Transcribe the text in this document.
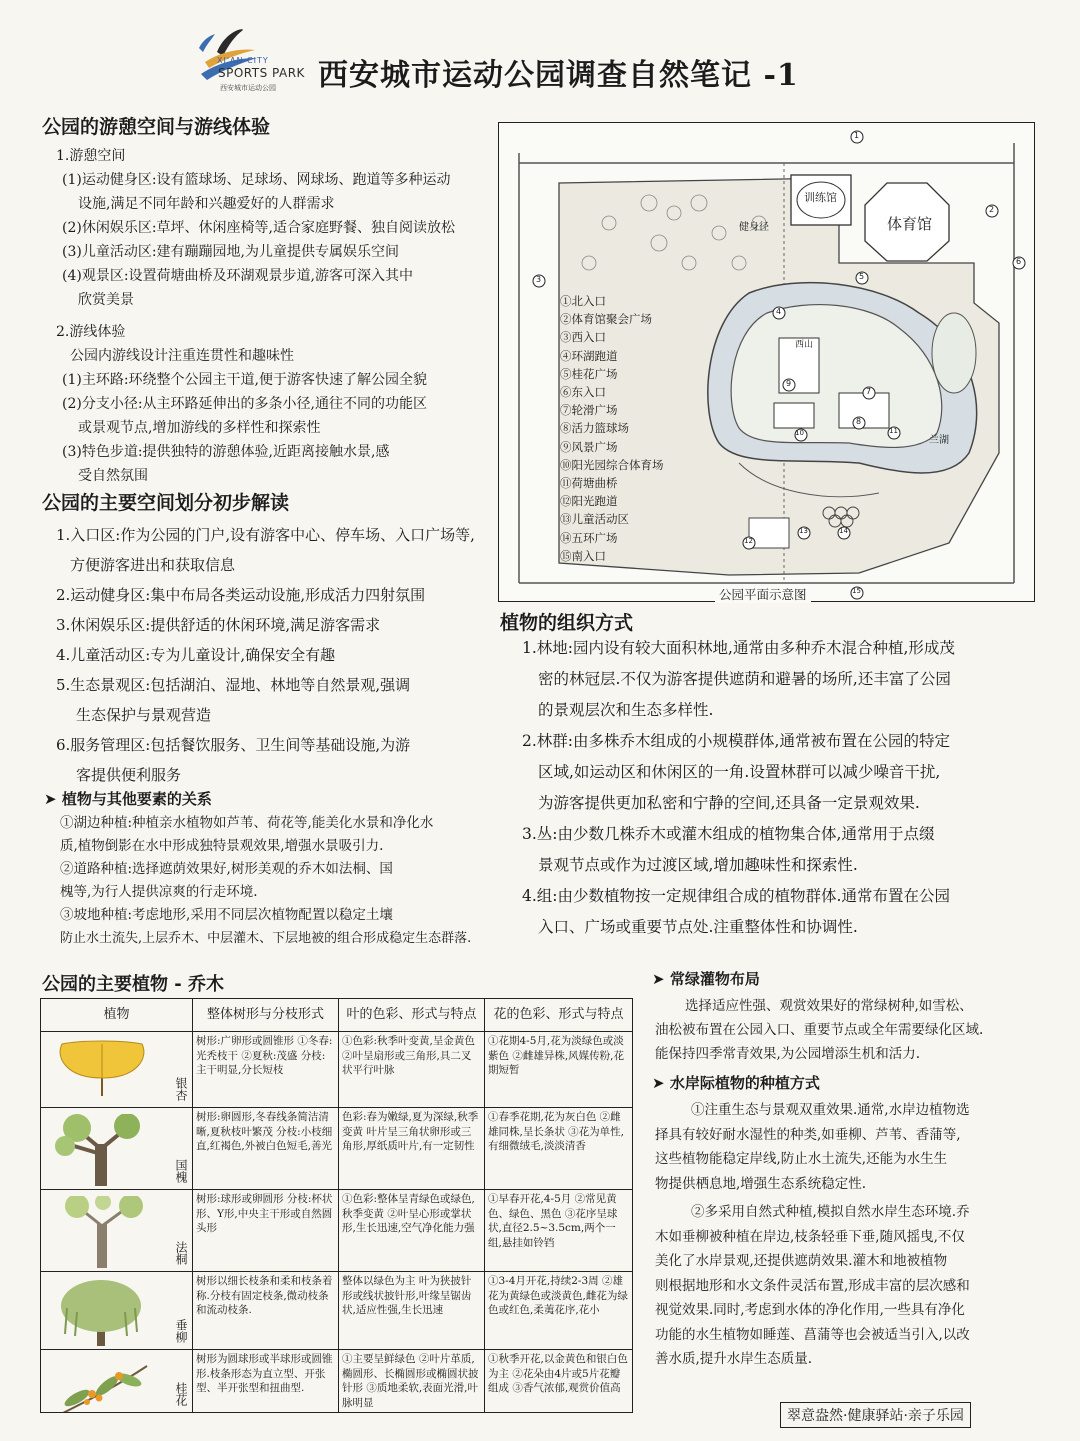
XI'AN CITY
SPORTS PARK
西安城市运动公园 西安城市运动公园调查自然笔记 -1
公园的游憩空间与游线体验
1.游憩空间
(1)运动健身区:设有篮球场、足球场、网球场、跑道等多种运动
设施,满足不同年龄和兴趣爱好的人群需求
(2)休闲娱乐区:草坪、休闲座椅等,适合家庭野餐、独自阅读放松
(3)儿童活动区:建有蹦蹦园地,为儿童提供专属娱乐空间
(4)观景区:设置荷塘曲桥及环湖观景步道,游客可深入其中
欣赏美景
2.游线体验
公园内游线设计注重连贯性和趣味性
(1)主环路:环绕整个公园主干道,便于游客快速了解公园全貌
(2)分支小径:从主环路延伸出的多条小径,通往不同的功能区
或景观节点,增加游线的多样性和探索性
(3)特色步道:提供独特的游憩体验,近距离接触水景,感
受自然氛围
公园的主要空间划分初步解读
1.入口区:作为公园的门户,设有游客中心、停车场、入口广场等,
方便游客进出和获取信息
2.运动健身区:集中布局各类运动设施,形成活力四射氛围
3.休闲娱乐区:提供舒适的休闲环境,满足游客需求
4.儿童活动区:专为儿童设计,确保安全有趣
5.生态景观区:包括湖泊、湿地、林地等自然景观,强调
生态保护与景观营造
6.服务管理区:包括餐饮服务、卫生间等基础设施,为游
客提供便利服务
➤ 植物与其他要素的关系
①湖边种植:种植亲水植物如芦苇、荷花等,能美化水景和净化水
质,植物倒影在水中形成独特景观效果,增强水景吸引力.
②道路种植:选择遮荫效果好,树形美观的乔木如法桐、国
槐等,为行人提供凉爽的行走环境.
③坡地种植:考虑地形,采用不同层次植物配置以稳定土壤
防止水土流失,上层乔木、中层灌木、下层地被的组合形成稳定生态群落.
训练馆
体育馆
健身径
西山
兰湖
1
2
3
4
5
6
7
8
9
10	11
12
13	14
15
①北入口
②体育馆聚会广场
③西入口
④环湖跑道
⑤桂花广场
⑥东入口
⑦轮滑广场
⑧活力篮球场
⑨风景广场
⑩阳光园综合体育场
⑪荷塘曲桥
⑫阳光跑道
⑬儿童活动区
⑭五环广场
⑮南入口
公园平面示意图
植物的组织方式
1.林地:园内设有较大面积林地,通常由多种乔木混合种植,形成茂
密的林冠层.不仅为游客提供遮荫和避暑的场所,还丰富了公园
的景观层次和生态多样性.
2.林群:由多株乔木组成的小规模群体,通常被布置在公园的特定
区域,如运动区和休闲区的一角.设置林群可以减少噪音干扰,
为游客提供更加私密和宁静的空间,还具备一定景观效果.
3.丛:由少数几株乔木或灌木组成的植物集合体,通常用于点缀
景观节点或作为过渡区域,增加趣味性和探索性.
4.组:由少数植物按一定规律组合成的植物群体.通常布置在公园
入口、广场或重要节点处.注重整体性和协调性.
公园的主要植物 - 乔木
植物	整体树形与分枝形式	叶的色彩、形式与特点	花的色彩、形式与特点

银杏	树形:广卵形或圆锥形 ①冬春:光秃枝干 ②夏秋:茂盛 分枝:主干明显,分长短枝	①色彩:秋季叶变黄,呈金黄色 ②叶呈扇形或三角形,具二叉状平行叶脉	①花期4-5月,花为淡绿色或淡紫色 ②雌雄异株,风媒传粉,花期短暂

国槐	树形:卵圆形,冬春线条简洁清晰,夏秋枝叶繁茂 分枝:小枝细直,红褐色,外被白色短毛,善光	色彩:春为嫩绿,夏为深绿,秋季变黄 叶片呈三角状卵形或三角形,厚纸质叶片,有一定韧性	①春季花期,花为灰白色 ②雌雄同株,呈长条状 ③花为单性,有细微绒毛,淡淡清香

法桐	树形:球形或卵圆形 分枝:杯状形、Y形,中央主干形或自然圆头形	①色彩:整体呈青绿色或绿色,秋季变黄 ②叶呈心形或掌状形,生长迅速,空气净化能力强	①早春开花,4-5月 ②常见黄色、绿色、黑色 ③花序呈球状,直径2.5~3.5cm,两个一组,悬挂如铃铛

垂柳	树形以细长枝条和柔和枝条着称.分枝有固定枝条,微动枝条和流动枝条.	整体以绿色为主 叶为狭披针形或线状披针形,叶缘呈锯齿状,适应性强,生长迅速	①3-4月开花,持续2-3周 ②雄花为黄绿色或淡黄色,雌花为绿色或红色,柔荑花序,花小

桂花	树形为圆球形或半球形或圆锥形.枝条形态为直立型、开张型、半开张型和扭曲型.	①主要呈鲜绿色 ②叶片革质,椭圆形、长椭圆形或椭圆状披针形 ③质地柔软,表面光滑,叶脉明显	①秋季开花,以金黄色和银白色为主 ②花朵由4片或5片花瓣组成 ③香气浓郁,观赏价值高
➤ 常绿灌物布局
选择适应性强、观赏效果好的常绿树种,如雪松、
油松被布置在公园入口、重要节点或全年需要绿化区域.
能保持四季常青效果,为公园增添生机和活力.
➤ 水岸际植物的种植方式
①注重生态与景观双重效果.通常,水岸边植物选
择具有较好耐水湿性的种类,如垂柳、芦苇、香蒲等,
这些植物能稳定岸线,防止水土流失,还能为水生生
物提供栖息地,增强生态系统稳定性.
②多采用自然式种植,模拟自然水岸生态环境.乔
木如垂柳被种植在岸边,枝条轻垂下垂,随风摇曳,不仅
美化了水岸景观,还提供遮荫效果.灌木和地被植物
则根据地形和水文条件灵活布置,形成丰富的层次感和
视觉效果.同时,考虑到水体的净化作用,一些具有净化
功能的水生植物如睡莲、菖蒲等也会被适当引入,以改
善水质,提升水岸生态质量.
翠意盎然·健康驿站·亲子乐园
